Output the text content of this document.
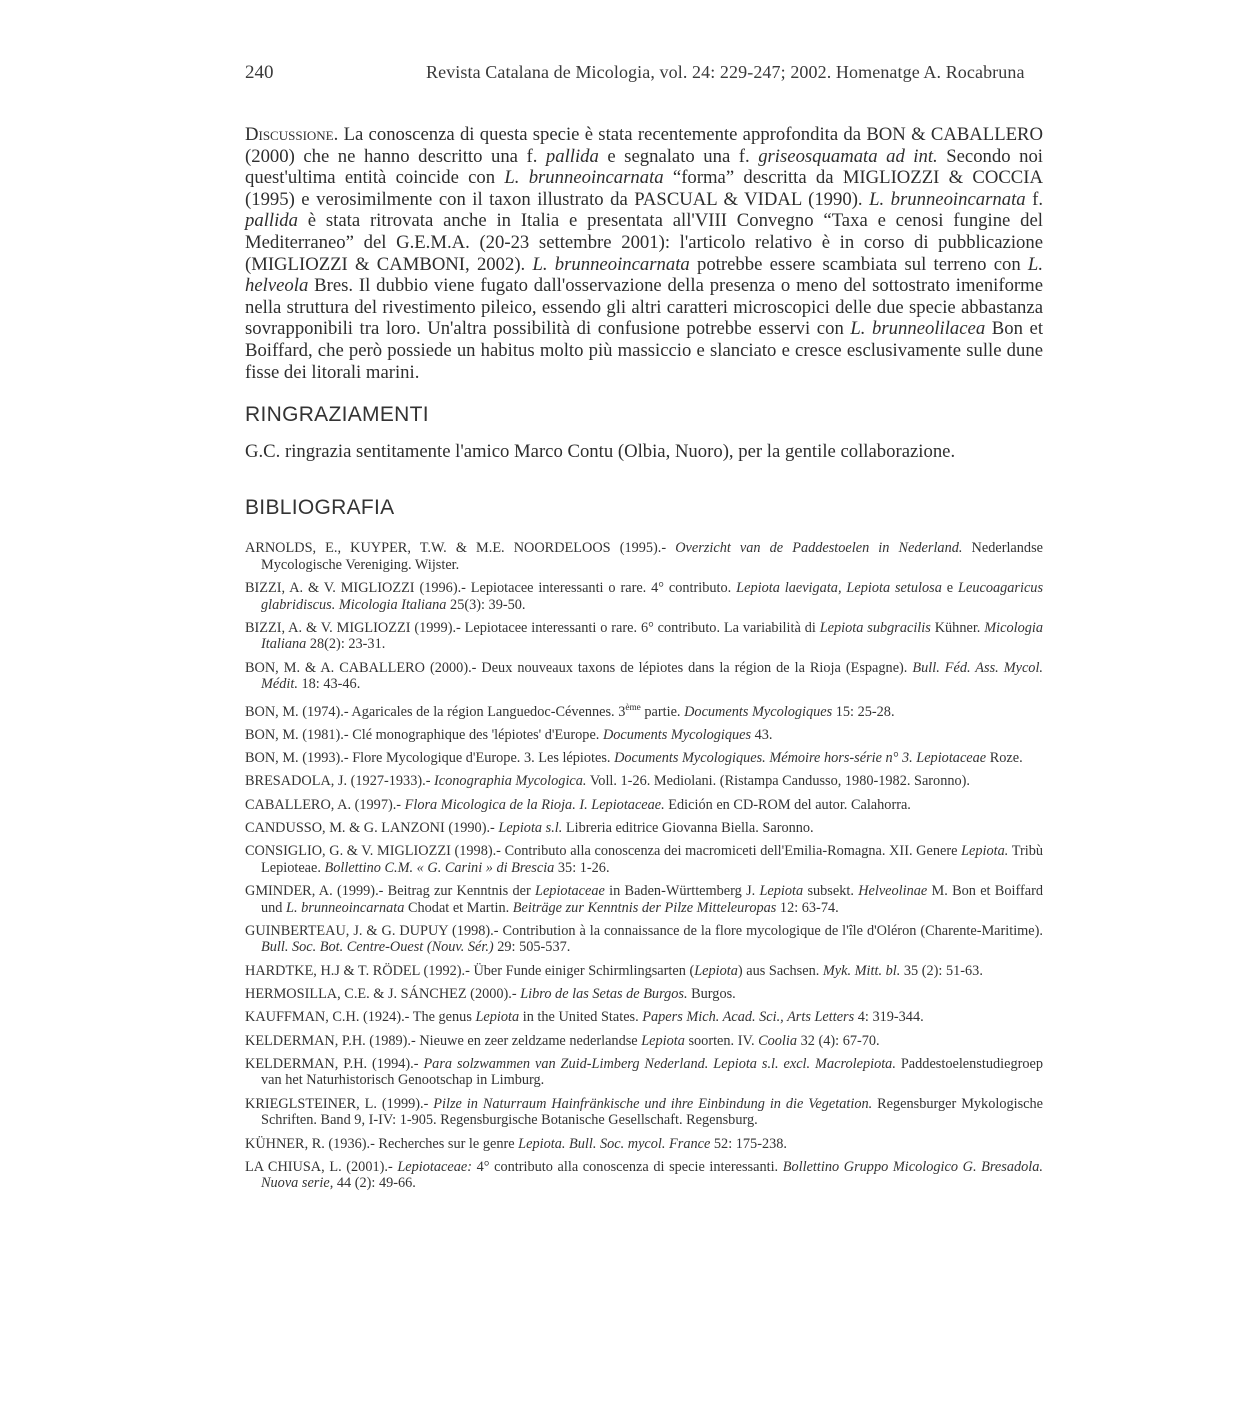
240	Revista Catalana de Micologia, vol. 24: 229-247; 2002. Homenatge A. Rocabruna

Discussione. La conoscenza di questa specie è stata recentemente approfondita da BON & CABALLERO (2000) che ne hanno descritto una f. pallida e segnalato una f. griseosquamata ad int. Secondo noi quest'ultima entità coincide con L. brunneoincarnata “forma” descritta da MIGLIOZZI & COCCIA (1995) e verosimilmente con il taxon illustrato da PASCUAL & VIDAL (1990). L. brunneoincarnata f. pallida è stata ritrovata anche in Italia e presentata all'VIII Convegno “Taxa e cenosi fungine del Mediterraneo” del G.E.M.A. (20-23 settembre 2001): l'articolo relativo è in corso di pubblicazione (MIGLIOZZI & CAMBONI, 2002). L. brunneoincarnata potrebbe essere scambiata sul terreno con L. helveola Bres. Il dubbio viene fugato dall'osservazione della presenza o meno del sottostrato imeniforme nella struttura del rivestimento pileico, essendo gli altri caratteri microscopici delle due specie abbastanza sovrapponibili tra loro. Un'altra possibilità di confusione potrebbe esservi con L. brunneolilacea Bon et Boiffard, che però possiede un habitus molto più massiccio e slanciato e cresce esclusivamente sulle dune fisse dei litorali marini.

RINGRAZIAMENTI

G.C. ringrazia sentitamente l'amico Marco Contu (Olbia, Nuoro), per la gentile collaborazione.

BIBLIOGRAFIA

ARNOLDS, E., KUYPER, T.W. & M.E. NOORDELOOS (1995).- Overzicht van de Paddestoelen in Nederland. Nederlandse Mycologische Vereniging. Wijster.

BIZZI, A. & V. MIGLIOZZI (1996).- Lepiotacee interessanti o rare. 4° contributo. Lepiota laevigata, Lepiota setulosa e Leucoagaricus glabridiscus. Micologia Italiana 25(3): 39-50.

BIZZI, A. & V. MIGLIOZZI (1999).- Lepiotacee interessanti o rare. 6° contributo. La variabilità di Lepiota subgracilis Kühner. Micologia Italiana 28(2): 23-31.

BON, M. & A. CABALLERO (2000).- Deux nouveaux taxons de lépiotes dans la région de la Rioja (Espagne). Bull. Féd. Ass. Mycol. Médit. 18: 43-46.

BON, M. (1974).- Agaricales de la région Languedoc-Cévennes. 3ème partie. Documents Mycologiques 15: 25-28.

BON, M. (1981).- Clé monographique des 'lépiotes' d'Europe. Documents Mycologiques 43.

BON, M. (1993).- Flore Mycologique d'Europe. 3. Les lépiotes. Documents Mycologiques. Mémoire hors-série n° 3. Lepiotaceae Roze.

BRESADOLA, J. (1927-1933).- Iconographia Mycologica. Voll. 1-26. Mediolani. (Ristampa Candusso, 1980-1982. Saronno).

CABALLERO, A. (1997).- Flora Micologica de la Rioja. I. Lepiotaceae. Edición en CD-ROM del autor. Calahorra.

CANDUSSO, M. & G. LANZONI (1990).- Lepiota s.l. Libreria editrice Giovanna Biella. Saronno.

CONSIGLIO, G. & V. MIGLIOZZI (1998).- Contributo alla conoscenza dei macromiceti dell'Emilia-Romagna. XII. Genere Lepiota. Tribù Lepioteae. Bollettino C.M. « G. Carini » di Brescia 35: 1-26.

GMINDER, A. (1999).- Beitrag zur Kenntnis der Lepiotaceae in Baden-Württemberg J. Lepiota subsekt. Helveolinae M. Bon et Boiffard und L. brunneoincarnata Chodat et Martin. Beiträge zur Kenntnis der Pilze Mitteleuropas 12: 63-74.

GUINBERTEAU, J. & G. DUPUY (1998).- Contribution à la connaissance de la flore mycologique de l'île d'Oléron (Charente-Maritime). Bull. Soc. Bot. Centre-Ouest (Nouv. Sér.) 29: 505-537.

HARDTKE, H.J & T. RÖDEL (1992).- Über Funde einiger Schirmlingsarten (Lepiota) aus Sachsen. Myk. Mitt. bl. 35 (2): 51-63.

HERMOSILLA, C.E. & J. SÁNCHEZ (2000).- Libro de las Setas de Burgos. Burgos.

KAUFFMAN, C.H. (1924).- The genus Lepiota in the United States. Papers Mich. Acad. Sci., Arts Letters 4: 319-344.

KELDERMAN, P.H. (1989).- Nieuwe en zeer zeldzame nederlandse Lepiota soorten. IV. Coolia 32 (4): 67-70.

KELDERMAN, P.H. (1994).- Para solzwammen van Zuid-Limberg Nederland. Lepiota s.l. excl. Macrolepiota. Paddestoelenstudiegroep van het Naturhistorisch Genootschap in Limburg.

KRIEGLSTEINER, L. (1999).- Pilze in Naturraum Hainfränkische und ihre Einbindung in die Vegetation. Regensburger Mykologische Schriften. Band 9, I-IV: 1-905. Regensburgische Botanische Gesellschaft. Regensburg.

KÜHNER, R. (1936).- Recherches sur le genre Lepiota. Bull. Soc. mycol. France 52: 175-238.

LA CHIUSA, L. (2001).- Lepiotaceae: 4° contributo alla conoscenza di specie interessanti. Bollettino Gruppo Micologico G. Bresadola. Nuova serie, 44 (2): 49-66.
